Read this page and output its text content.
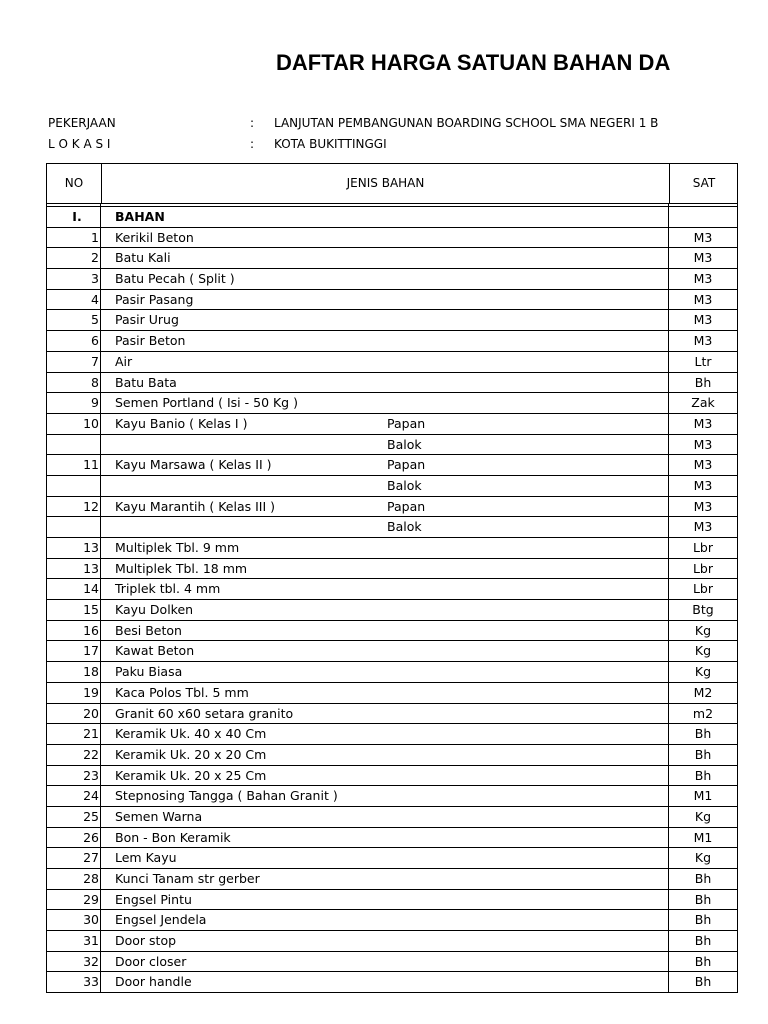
DAFTAR HARGA SATUAN BAHAN DA
PEKERJAAN	: LANJUTAN PEMBANGUNAN BOARDING SCHOOL SMA NEGERI 1 B
L O K A S I	: KOTA BUKITTINGGI
NO	JENIS BAHAN	SAT
I.	BAHAN
1 Kerikil Beton	M3
2 Batu Kali	M3
3 Batu Pecah ( Split )	M3
4 Pasir Pasang	M3
5 Pasir Urug	M3
6 Pasir Beton	M3
7 Air	Ltr
8 Batu Bata	Bh
9 Semen Portland ( Isi - 50 Kg )	Zak
10 Kayu Banio ( Kelas I )	Papan	M3
Balok	M3
11 Kayu Marsawa ( Kelas II )	Papan	M3
Balok	M3
12 Kayu Marantih ( Kelas III )	Papan	M3
Balok	M3
13 Multiplek Tbl. 9 mm	Lbr
13 Multiplek Tbl. 18 mm	Lbr
14 Triplek tbl. 4 mm	Lbr
15 Kayu Dolken	Btg
16 Besi Beton	Kg
17 Kawat Beton	Kg
18 Paku Biasa	Kg
19 Kaca Polos Tbl. 5 mm	M2
20 Granit 60 x60 setara granito	m2
21 Keramik Uk. 40 x 40 Cm	Bh
22 Keramik Uk. 20 x 20 Cm	Bh
23 Keramik Uk. 20 x 25 Cm	Bh
24 Stepnosing Tangga ( Bahan Granit )	M1
25 Semen Warna	Kg
26 Bon - Bon Keramik	M1
27 Lem Kayu	Kg
28 Kunci Tanam str gerber	Bh
29 Engsel Pintu	Bh
30 Engsel Jendela	Bh
31 Door stop	Bh
32 Door closer	Bh
33 Door handle	Bh
